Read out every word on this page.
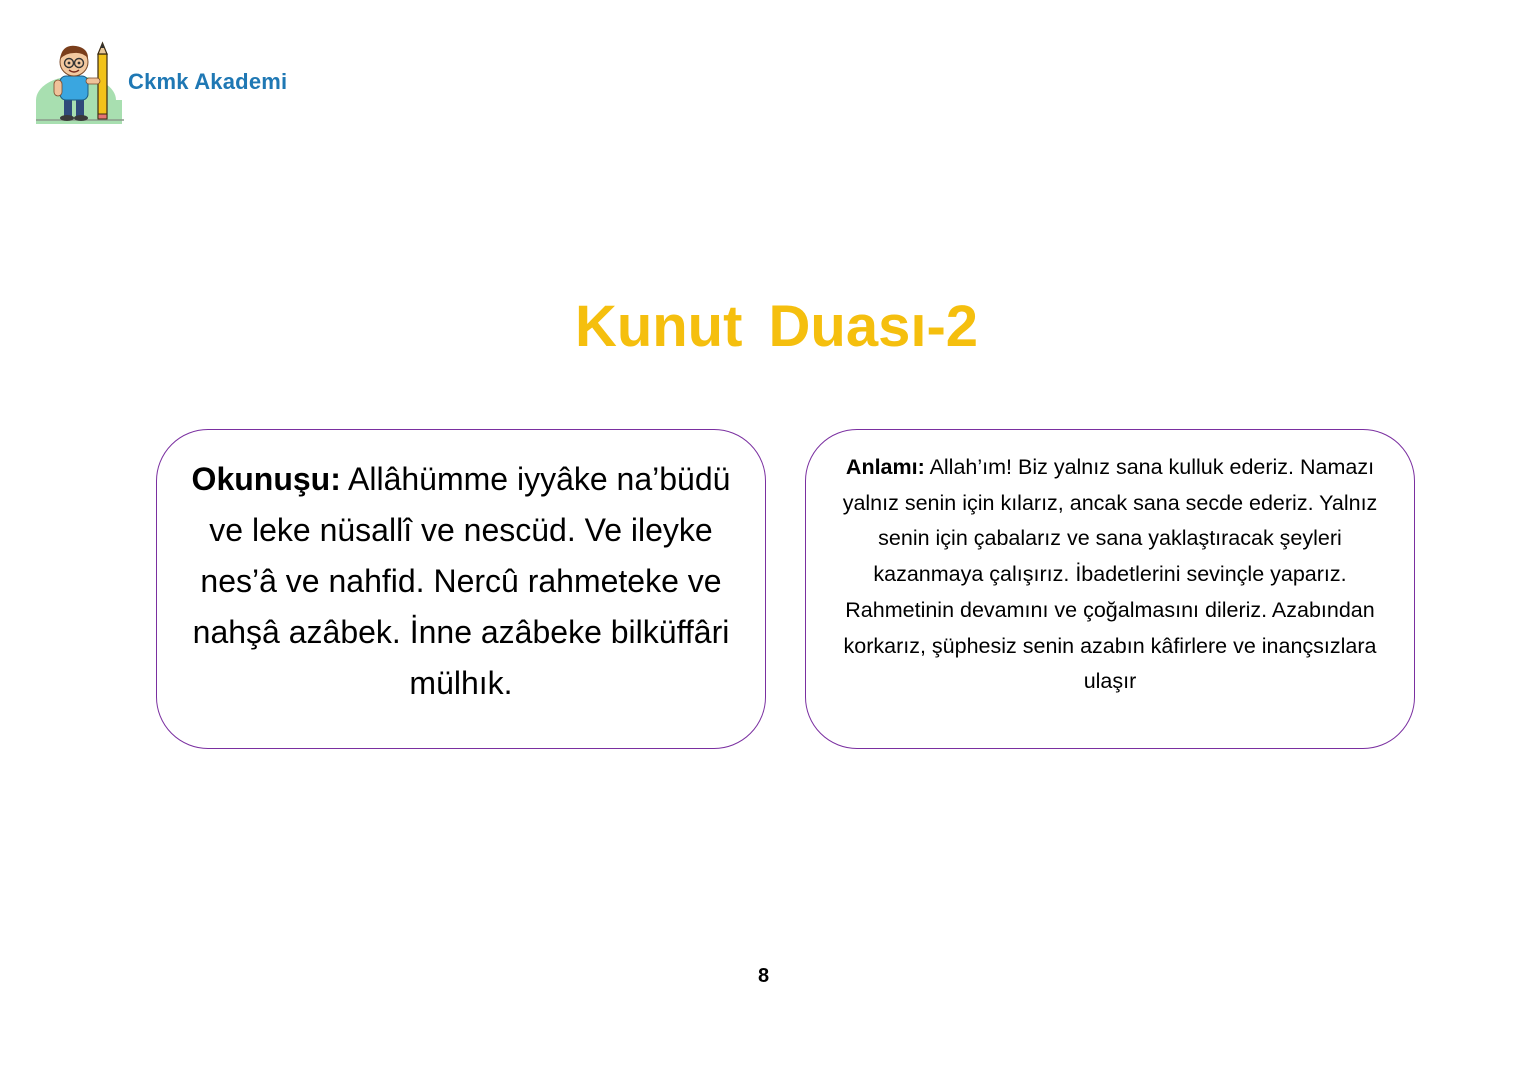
Ckmk Akademi
Kunut Duası-2
Okunuşu: Allâhümme iyyâke na’büdü ve leke nüsallî ve nescüd. Ve ileyke nes’â ve nahfid. Nercû rahmeteke ve nahşâ azâbek. İnne azâbeke bilküffâri mülhık.
Anlamı: Allah’ım! Biz yalnız sana kulluk ederiz. Namazı yalnız senin için kılarız, ancak sana secde ederiz. Yalnız senin için çabalarız ve sana yaklaştıracak şeyleri kazanmaya çalışırız. İbadetlerini sevinçle yaparız. Rahmetinin devamını ve çoğalmasını dileriz. Azabından korkarız, şüphesiz senin azabın kâfirlere ve inançsızlara ulaşır
8
